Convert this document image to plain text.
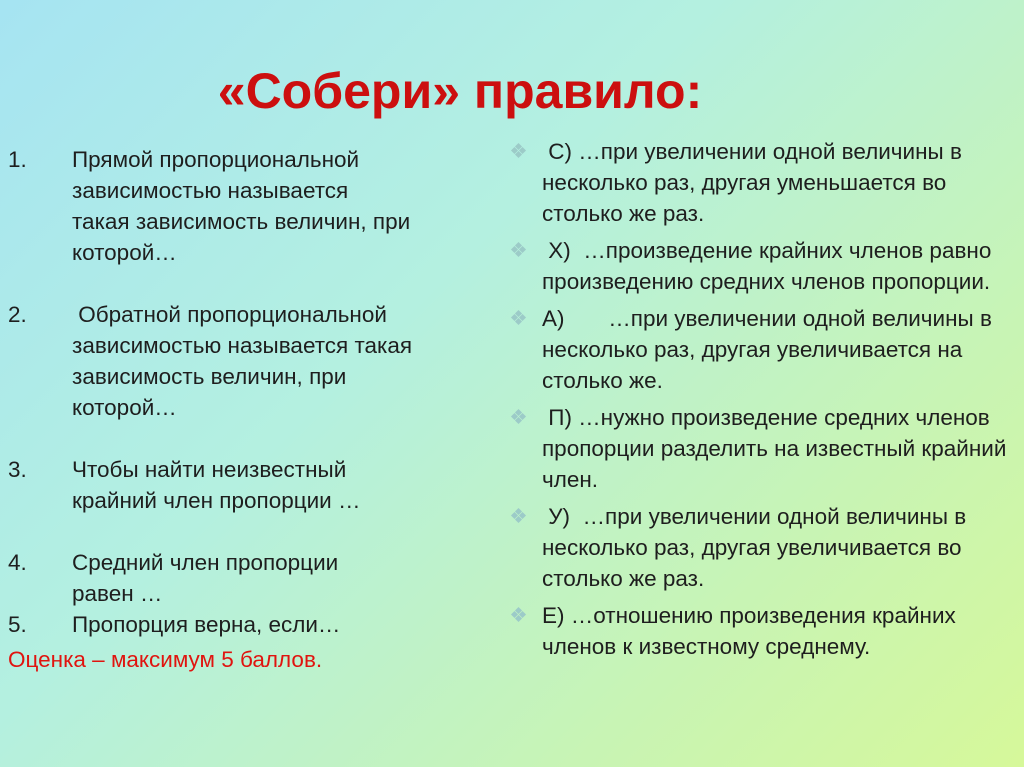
«Собери» правило:
1.	Прямой пропорциональной зависимостью называется такая зависимость величин, при которой…
2.	Обратной пропорциональной зависимостью называется такая зависимость величин, при которой…
3.	Чтобы найти неизвестный крайний член пропорции …
4.	Средний член пропорции равен …
5.	Пропорция верна, если…
Оценка – максимум 5 баллов.
С) …при увеличении одной величины в несколько раз, другая уменьшается во столько же раз.
Х)  …произведение крайних членов равно произведению средних членов пропорции.
А)       …при увеличении одной величины в несколько раз, другая увеличивается на столько же.
П) …нужно произведение средних членов пропорции разделить на известный крайний член.
У)  …при увеличении одной величины в несколько раз, другая увеличивается во столько же раз.
Е) …отношению произведения крайних членов к известному среднему.
